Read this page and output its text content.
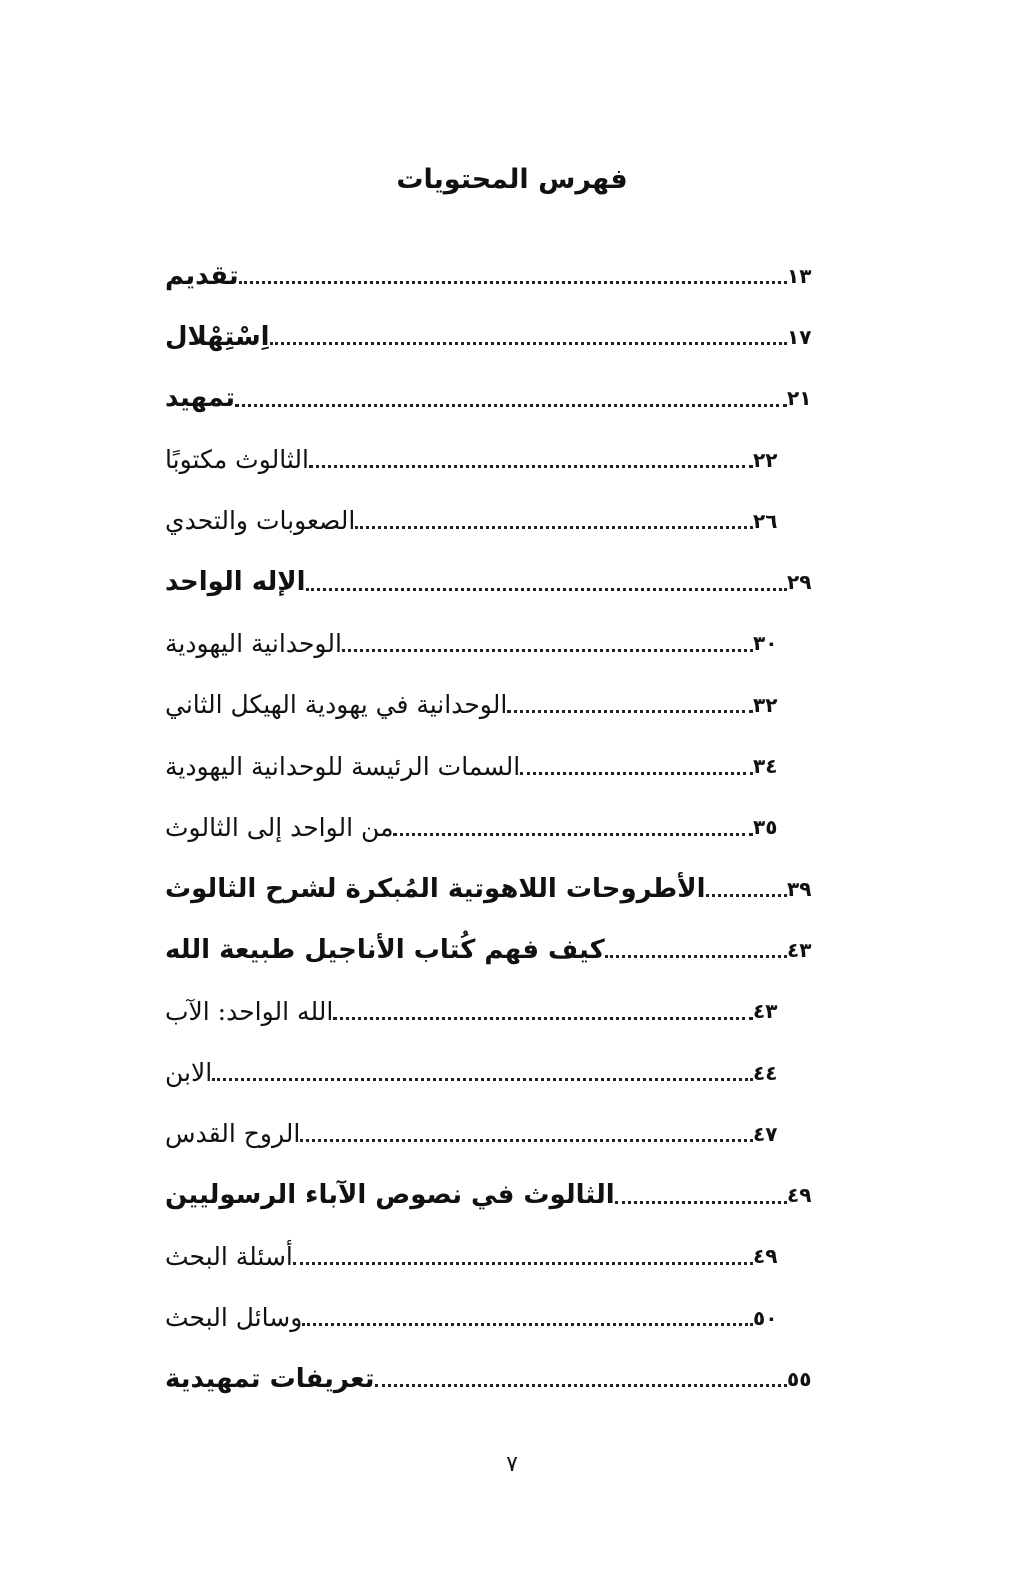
فهرس المحتويات
تقديم	١٣
اِسْتِهْلال	١٧
تمهيد	٢١
الثالوث مكتوبًا	٢٢
الصعوبات والتحدي	٢٦
الإله الواحد	٢٩
الوحدانية اليهودية	٣٠
الوحدانية في يهودية الهيكل الثاني	٣٢
السمات الرئيسة للوحدانية اليهودية	٣٤
من الواحد إلى الثالوث	٣٥
الأطروحات اللاهوتية المُبكرة لشرح الثالوث	٣٩
كيف فهم كُتاب الأناجيل طبيعة الله	٤٣
الله الواحد: الآب	٤٣
الابن	٤٤
الروح القدس	٤٧
الثالوث في نصوص الآباء الرسوليين	٤٩
أسئلة البحث	٤٩
وسائل البحث	٥٠
تعريفات تمهيدية	٥٥
٧
